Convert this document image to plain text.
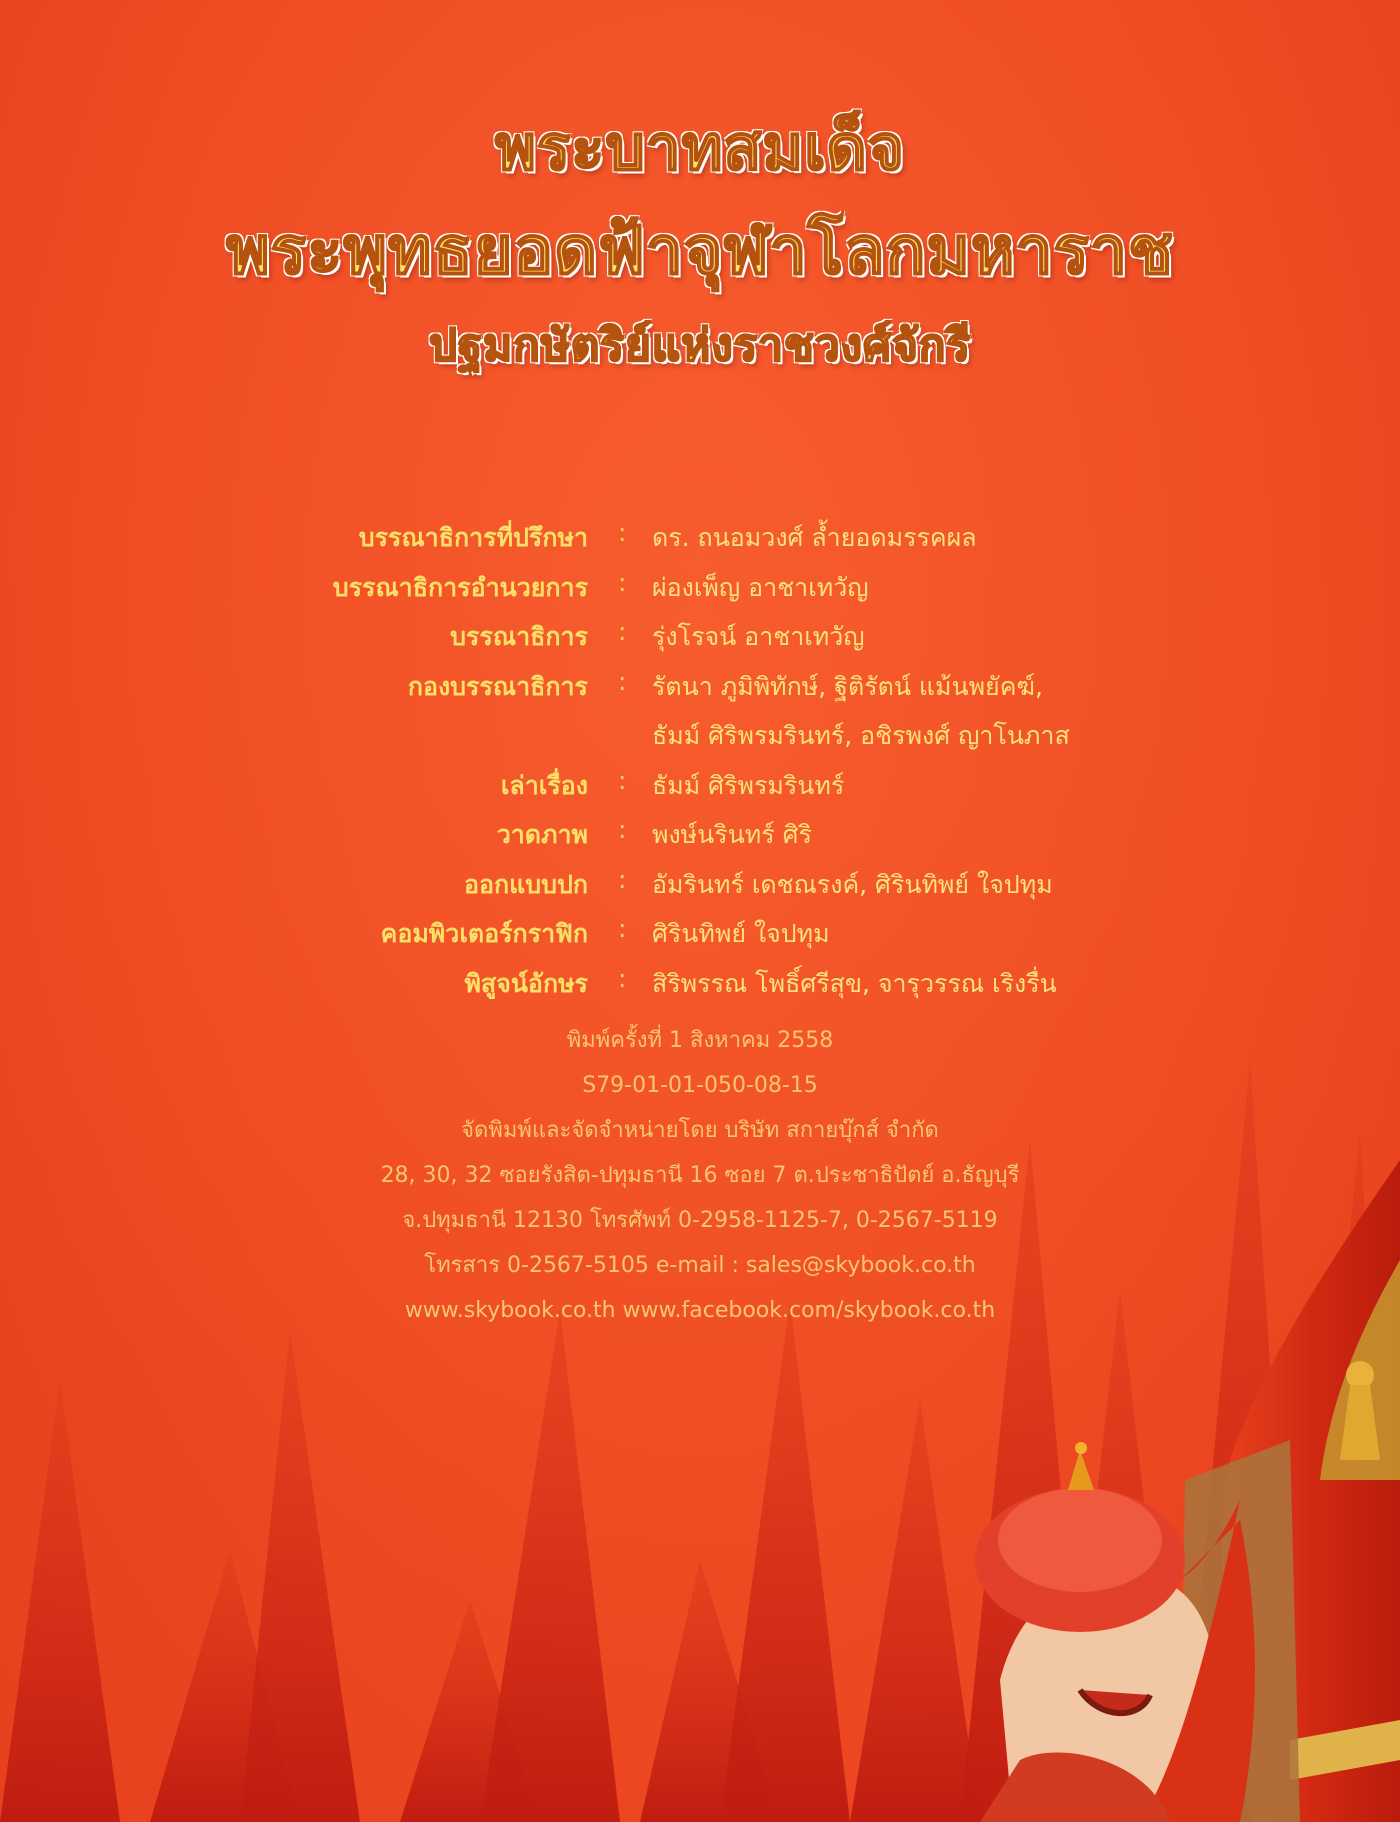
พระบาทสมเด็จ
พระพุทธยอดฟ้าจุฬาโลกมหาราช
ปฐมกษัตริย์แห่งราชวงศ์จักรี
บรรณาธิการที่ปรึกษา : ดร. ถนอมวงศ์ ล้ำยอดมรรคผล
บรรณาธิการอำนวยการ : ผ่องเพ็ญ อาชาเทวัญ
บรรณาธิการ : รุ่งโรจน์ อาชาเทวัญ
กองบรรณาธิการ : รัตนา ภูมิพิทักษ์, ฐิติรัตน์ แม้นพยัคฆ์,
ธัมม์ ศิริพรมรินทร์, อชิรพงศ์ ญาโนภาส
เล่าเรื่อง : ธัมม์ ศิริพรมรินทร์
วาดภาพ : พงษ์นรินทร์ ศิริ
ออกแบบปก : อัมรินทร์ เดชณรงค์, ศิรินทิพย์ ใจปทุม
คอมพิวเตอร์กราฟิก : ศิรินทิพย์ ใจปทุม
พิสูจน์อักษร : สิริพรรณ โพธิ์ศรีสุข, จารุวรรณ เริงรื่น
พิมพ์ครั้งที่ 1 สิงหาคม 2558
S79-01-01-050-08-15
จัดพิมพ์และจัดจำหน่ายโดย บริษัท สกายบุ๊กส์ จำกัด
28, 30, 32 ซอยรังสิต-ปทุมธานี 16 ซอย 7 ต.ประชาธิปัตย์ อ.ธัญบุรี
จ.ปทุมธานี 12130 โทรศัพท์ 0-2958-1125-7, 0-2567-5119
โทรสาร 0-2567-5105 e-mail : sales@skybook.co.th
www.skybook.co.th www.facebook.com/skybook.co.th
